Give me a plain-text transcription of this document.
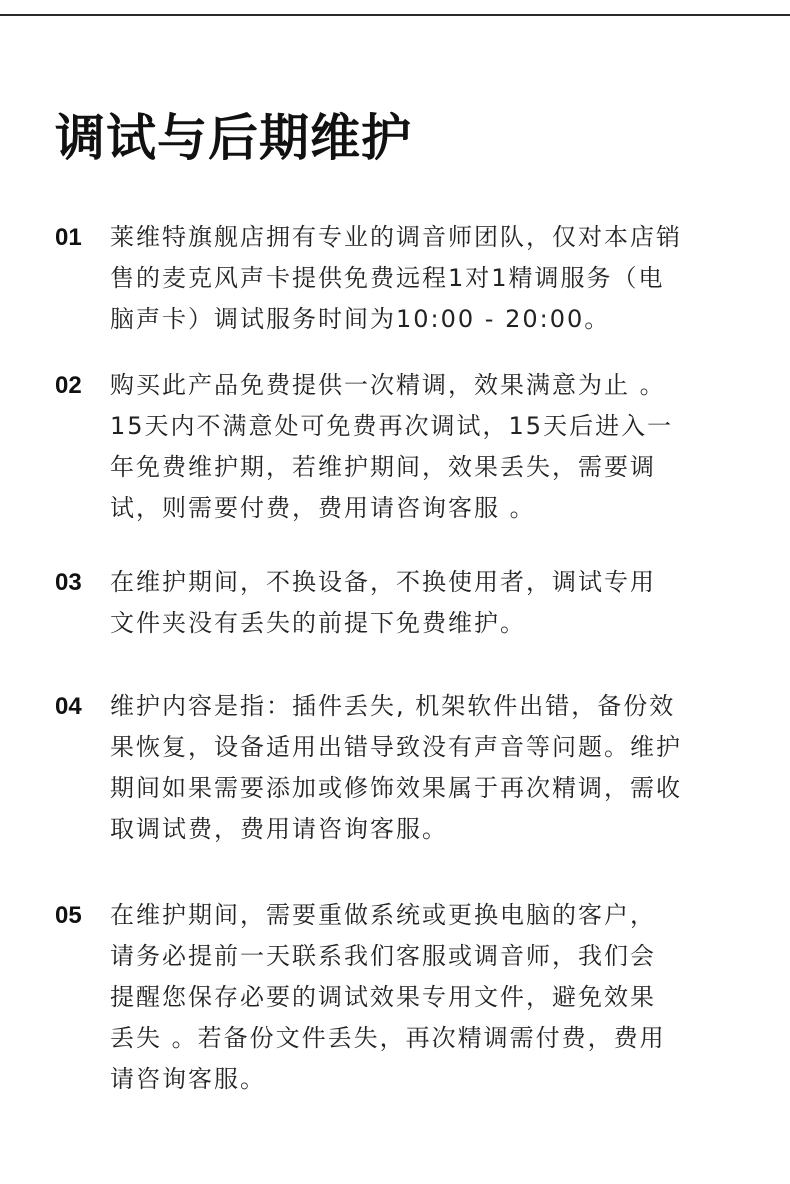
调试与后期维护
01 莱维特旗舰店拥有专业的调音师团队，仅对本店销
售的麦克风声卡提供免费远程1对1精调服务（电
脑声卡）调试服务时间为10:00 - 20:00。
02 购买此产品免费提供一次精调，效果满意为止 。
15天内不满意处可免费再次调试，15天后进入一
年免费维护期，若维护期间，效果丢失，需要调
试，则需要付费，费用请咨询客服 。
03 在维护期间，不换设备，不换使用者，调试专用
文件夹没有丢失的前提下免费维护。
04 维护内容是指：插件丢失, 机架软件出错，备份效
果恢复，设备适用出错导致没有声音等问题。维护
期间如果需要添加或修饰效果属于再次精调，需收
取调试费，费用请咨询客服。
05 在维护期间，需要重做系统或更换电脑的客户，
请务必提前一天联系我们客服或调音师，我们会
提醒您保存必要的调试效果专用文件，避免效果
丢失 。若备份文件丢失，再次精调需付费，费用
请咨询客服。
